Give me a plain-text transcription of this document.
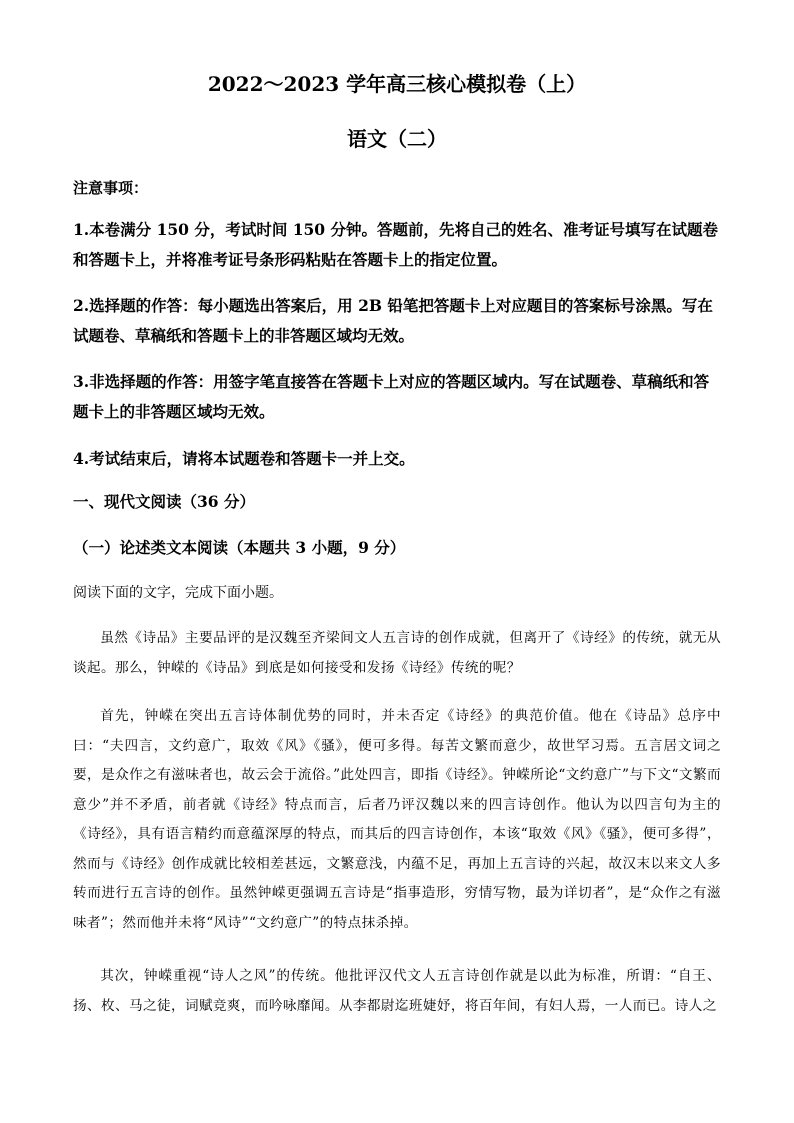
2022～2023 学年高三核心模拟卷（上）
语文（二）
注意事项：
1.本卷满分 150 分，考试时间 150 分钟。答题前，先将自己的姓名、准考证号填写在试题卷和答题卡上，并将准考证号条形码粘贴在答题卡上的指定位置。
2.选择题的作答：每小题选出答案后，用 2B 铅笔把答题卡上对应题目的答案标号涂黑。写在试题卷、草稿纸和答题卡上的非答题区域均无效。
3.非选择题的作答：用签字笔直接答在答题卡上对应的答题区域内。写在试题卷、草稿纸和答题卡上的非答题区域均无效。
4.考试结束后，请将本试题卷和答题卡一并上交。
一、现代文阅读（36 分）
（一）论述类文本阅读（本题共 3 小题，9 分）
阅读下面的文字，完成下面小题。
虽然《诗品》主要品评的是汉魏至齐梁间文人五言诗的创作成就，但离开了《诗经》的传统，就无从谈起。那么，钟嵘的《诗品》到底是如何接受和发扬《诗经》传统的呢？
首先，钟嵘在突出五言诗体制优势的同时，并未否定《诗经》的典范价值。他在《诗品》总序中曰：“夫四言，文约意广，取效《风》《骚》，便可多得。每苦文繁而意少，故世罕习焉。五言居文词之要，是众作之有滋味者也，故云会于流俗。”此处四言，即指《诗经》。钟嵘所论“文约意广”与下文“文繁而意少”并不矛盾，前者就《诗经》特点而言，后者乃评汉魏以来的四言诗创作。他认为以四言句为主的《诗经》，具有语言精约而意蕴深厚的特点，而其后的四言诗创作，本该“取效《风》《骚》，便可多得”，然而与《诗经》创作成就比较相差甚远，文繁意浅，内蕴不足，再加上五言诗的兴起，故汉末以来文人多转而进行五言诗的创作。虽然钟嵘更强调五言诗是“指事造形，穷情写物，最为详切者”，是“众作之有滋味者”；然而他并未将“风诗”“文约意广”的特点抹杀掉。
其次，钟嵘重视“诗人之风”的传统。他批评汉代文人五言诗创作就是以此为标准，所谓：“自王、扬、枚、马之徒，词赋竞爽，而吟咏靡闻。从李都尉迄班婕妤，将百年间，有妇人焉，一人而已。诗人之
